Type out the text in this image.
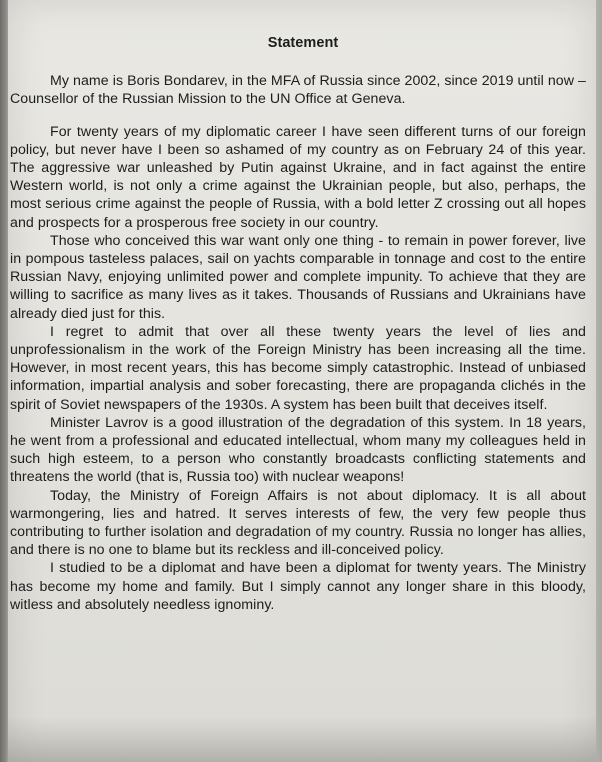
Statement

My name is Boris Bondarev, in the MFA of Russia since 2002, since 2019 until now – Counsellor of the Russian Mission to the UN Office at Geneva.

For twenty years of my diplomatic career I have seen different turns of our foreign policy, but never have I been so ashamed of my country as on February 24 of this year. The aggressive war unleashed by Putin against Ukraine, and in fact against the entire Western world, is not only a crime against the Ukrainian people, but also, perhaps, the most serious crime against the people of Russia, with a bold letter Z crossing out all hopes and prospects for a prosperous free society in our country.

Those who conceived this war want only one thing - to remain in power forever, live in pompous tasteless palaces, sail on yachts comparable in tonnage and cost to the entire Russian Navy, enjoying unlimited power and complete impunity. To achieve that they are willing to sacrifice as many lives as it takes. Thousands of Russians and Ukrainians have already died just for this.

I regret to admit that over all these twenty years the level of lies and unprofessionalism in the work of the Foreign Ministry has been increasing all the time. However, in most recent years, this has become simply catastrophic. Instead of unbiased information, impartial analysis and sober forecasting, there are propaganda clichés in the spirit of Soviet newspapers of the 1930s. A system has been built that deceives itself.

Minister Lavrov is a good illustration of the degradation of this system. In 18 years, he went from a professional and educated intellectual, whom many my colleagues held in such high esteem, to a person who constantly broadcasts conflicting statements and threatens the world (that is, Russia too) with nuclear weapons!

Today, the Ministry of Foreign Affairs is not about diplomacy. It is all about warmongering, lies and hatred. It serves interests of few, the very few people thus contributing to further isolation and degradation of my country. Russia no longer has allies, and there is no one to blame but its reckless and ill-conceived policy.

I studied to be a diplomat and have been a diplomat for twenty years. The Ministry has become my home and family. But I simply cannot any longer share in this bloody, witless and absolutely needless ignominy.
